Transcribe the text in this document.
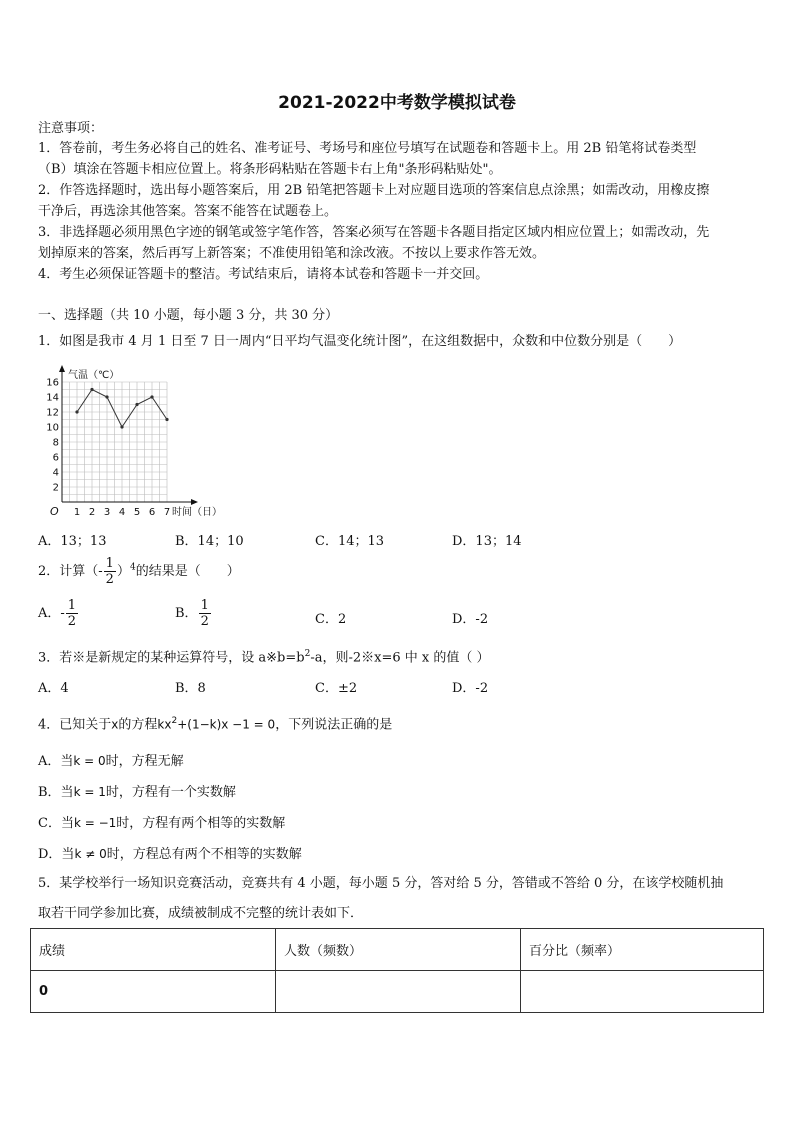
2021-2022中考数学模拟试卷
注意事项：
1．答卷前，考生务必将自己的姓名、准考证号、考场号和座位号填写在试题卷和答题卡上。用 2B 铅笔将试卷类型
（B）填涂在答题卡相应位置上。将条形码粘贴在答题卡右上角"条形码粘贴处"。
2．作答选择题时，选出每小题答案后，用 2B 铅笔把答题卡上对应题目选项的答案信息点涂黑；如需改动，用橡皮擦
干净后，再选涂其他答案。答案不能答在试题卷上。
3．非选择题必须用黑色字迹的钢笔或签字笔作答，答案必须写在答题卡各题目指定区域内相应位置上；如需改动，先
划掉原来的答案，然后再写上新答案；不准使用铅笔和涂改液。不按以上要求作答无效。
4．考生必须保证答题卡的整洁。考试结束后，请将本试卷和答题卡一并交回。
一、选择题（共 10 小题，每小题 3 分，共 30 分）
1．如图是我市 4 月 1 日至 7 日一周内“日平均气温变化统计图”，在这组数据中，众数和中位数分别是（　　）
1 2 3 4 5 6 7
2
4
6
8
10
12
14
16
气温（℃）
时间（日）
O
A．13；13	B．14；10	C．14；13	D．13；14
2．计算（- $\frac{1}{2} )^4$的结果是（　　）
A．- $\frac{1}{2}$	B． $\frac{1}{2}$	C．2	D．-2
3．若※是新规定的某种运算符号，设 $a※b=b^2-a$，则-2※x=6 中 x 的值（ ）
A．4	B．8	C．±2	D．-2
4．已知关于x的方程$kx^2+(1-k)x -1 = 0$，下列说法正确的是
A．当k = 0时，方程无解
B．当k = 1时，方程有一个实数解
C．当k = −1时，方程有两个相等的实数解
D．当k ≠ 0时，方程总有两个不相等的实数解
5．某学校举行一场知识竞赛活动，竞赛共有 4 小题，每小题 5 分，答对给 5 分，答错或不答给 0 分，在该学校随机抽
取若干同学参加比赛，成绩被制成不完整的统计表如下．
成绩	人数（频数）	百分比（频率）
0		
